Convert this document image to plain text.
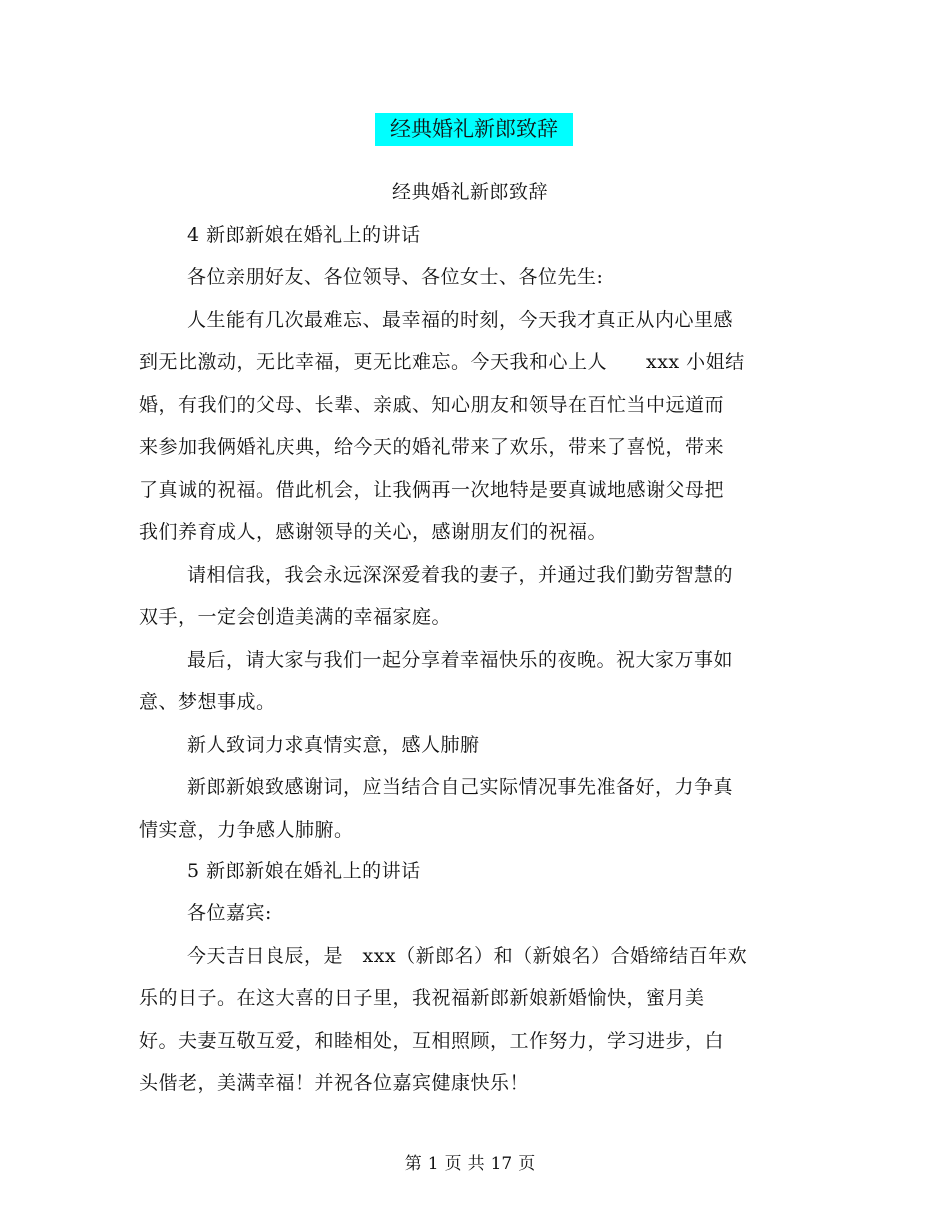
经典婚礼新郎致辞
经典婚礼新郎致辞
4 新郎新娘在婚礼上的讲话
各位亲朋好友、各位领导、各位女士、各位先生:
人生能有几次最难忘、最幸福的时刻，今天我才真正从内心里感
到无比激动，无比幸福，更无比难忘。今天我和心上人　　xxx 小姐结
婚，有我们的父母、长辈、亲戚、知心朋友和领导在百忙当中远道而
来参加我俩婚礼庆典，给今天的婚礼带来了欢乐，带来了喜悦，带来
了真诚的祝福。借此机会，让我俩再一次地特是要真诚地感谢父母把
我们养育成人，感谢领导的关心，感谢朋友们的祝福。
请相信我，我会永远深深爱着我的妻子，并通过我们勤劳智慧的
双手，一定会创造美满的幸福家庭。
最后，请大家与我们一起分享着幸福快乐的夜晚。祝大家万事如
意、梦想事成。
新人致词力求真情实意，感人肺腑
新郎新娘致感谢词，应当结合自己实际情况事先准备好，力争真
情实意，力争感人肺腑。
5 新郎新娘在婚礼上的讲话
各位嘉宾:
今天吉日良辰，是　xxx（新郎名）和（新娘名）合婚缔结百年欢
乐的日子。在这大喜的日子里，我祝福新郎新娘新婚愉快，蜜月美
好。夫妻互敬互爱，和睦相处，互相照顾，工作努力，学习进步，白
头偕老，美满幸福！并祝各位嘉宾健康快乐！
第 1 页 共 17 页
